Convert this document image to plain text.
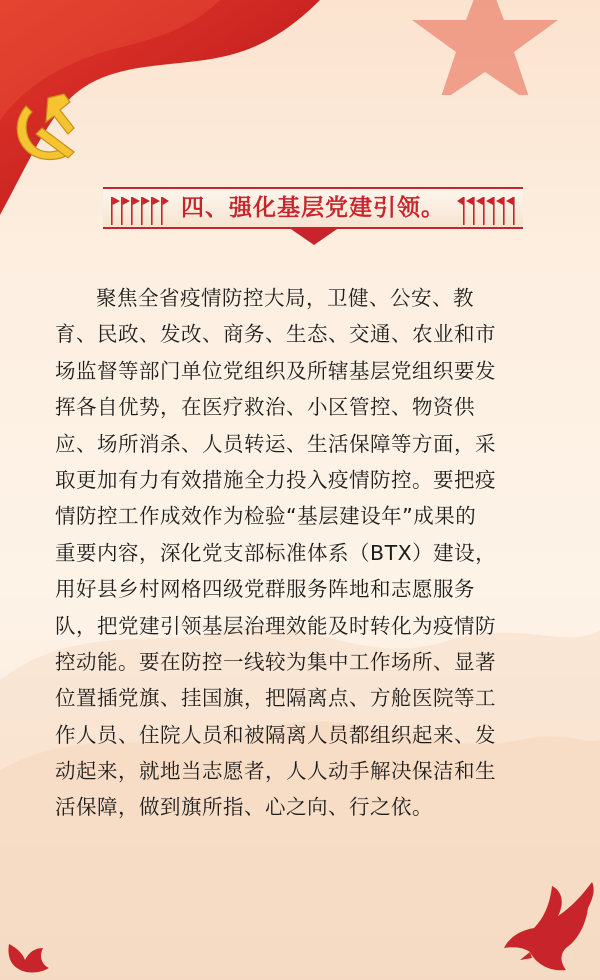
四、强化基层党建引领。
聚焦全省疫情防控大局，卫健、公安、教
育、民政、发改、商务、生态、交通、农业和市
场监督等部门单位党组织及所辖基层党组织要发
挥各自优势，在医疗救治、小区管控、物资供
应、场所消杀、人员转运、生活保障等方面，采
取更加有力有效措施全力投入疫情防控。要把疫
情防控工作成效作为检验“基层建设年”成果的
重要内容，深化党支部标准体系（BTX）建设，
用好县乡村网格四级党群服务阵地和志愿服务
队，把党建引领基层治理效能及时转化为疫情防
控动能。要在防控一线较为集中工作场所、显著
位置插党旗、挂国旗，把隔离点、方舱医院等工
作人员、住院人员和被隔离人员都组织起来、发
动起来，就地当志愿者，人人动手解决保洁和生
活保障，做到旗所指、心之向、行之依。
